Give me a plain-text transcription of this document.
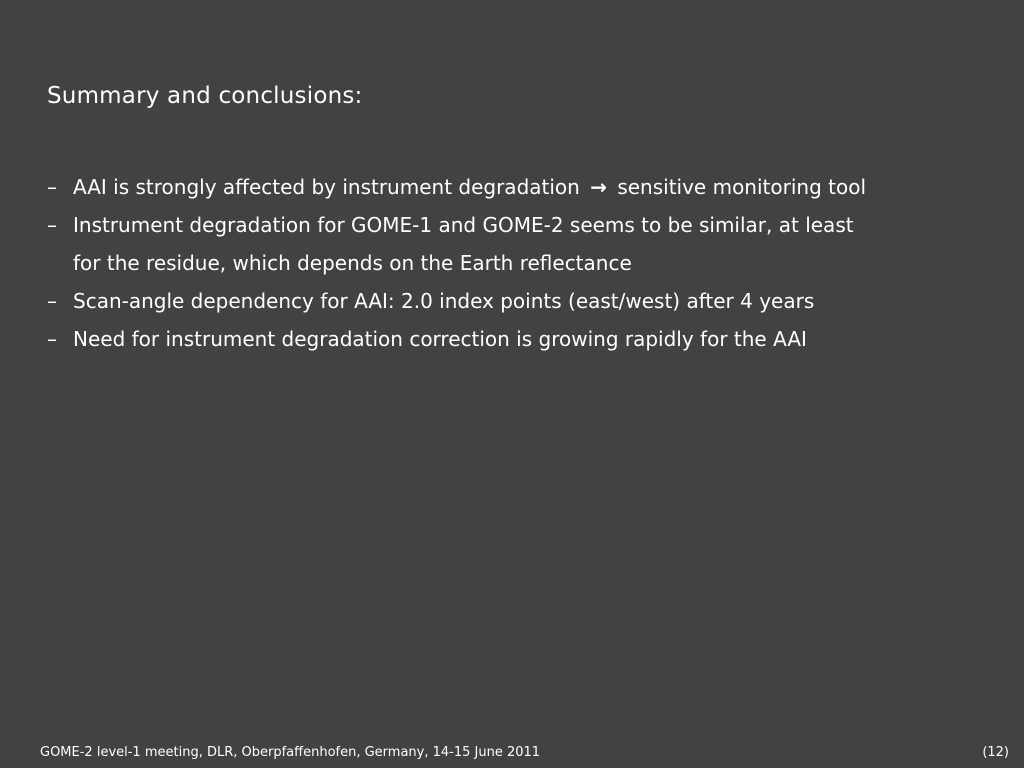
Summary and conclusions:
– AAI is strongly affected by instrument degradation → sensitive monitoring tool
– Instrument degradation for GOME-1 and GOME-2 seems to be similar, at least
for the residue, which depends on the Earth reflectance
– Scan-angle dependency for AAI: 2.0 index points (east/west) after 4 years
– Need for instrument degradation correction is growing rapidly for the AAI
GOME-2 level-1 meeting, DLR, Oberpfaffenhofen, Germany, 14-15 June 2011	(12)
